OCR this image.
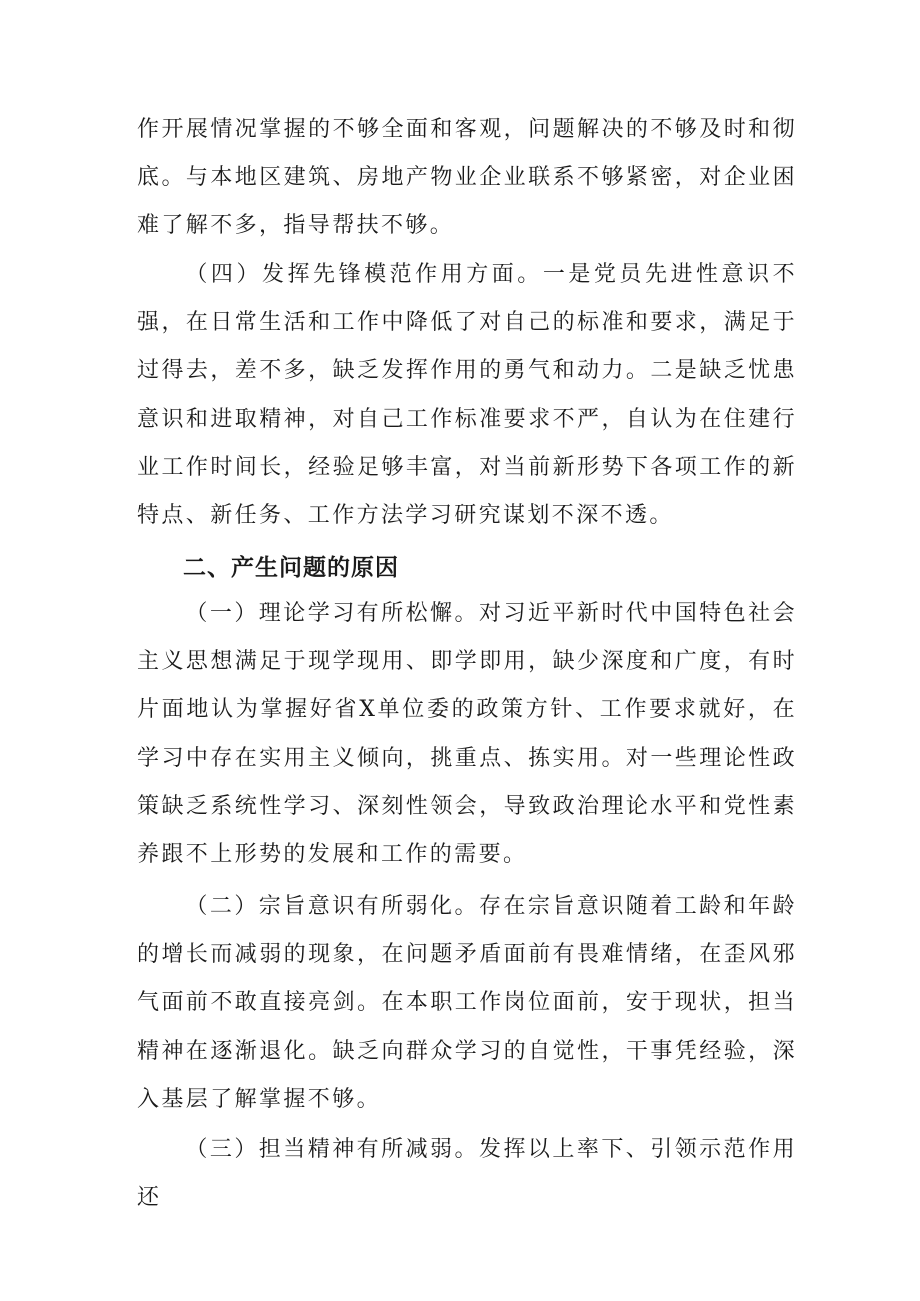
作开展情况掌握的不够全面和客观，问题解决的不够及时和彻底。与本地区建筑、房地产物业企业联系不够紧密，对企业困难了解不多，指导帮扶不够。

（四）发挥先锋模范作用方面。一是党员先进性意识不强，在日常生活和工作中降低了对自己的标准和要求，满足于过得去，差不多，缺乏发挥作用的勇气和动力。二是缺乏忧患意识和进取精神，对自己工作标准要求不严，自认为在住建行业工作时间长，经验足够丰富，对当前新形势下各项工作的新特点、新任务、工作方法学习研究谋划不深不透。

二、产生问题的原因

（一）理论学习有所松懈。对习近平新时代中国特色社会主义思想满足于现学现用、即学即用，缺少深度和广度，有时片面地认为掌握好省X单位委的政策方针、工作要求就好，在学习中存在实用主义倾向，挑重点、拣实用。对一些理论性政策缺乏系统性学习、深刻性领会，导致政治理论水平和党性素养跟不上形势的发展和工作的需要。

（二）宗旨意识有所弱化。存在宗旨意识随着工龄和年龄的增长而减弱的现象，在问题矛盾面前有畏难情绪，在歪风邪气面前不敢直接亮剑。在本职工作岗位面前，安于现状，担当精神在逐渐退化。缺乏向群众学习的自觉性，干事凭经验，深入基层了解掌握不够。

（三）担当精神有所减弱。发挥以上率下、引领示范作用还
